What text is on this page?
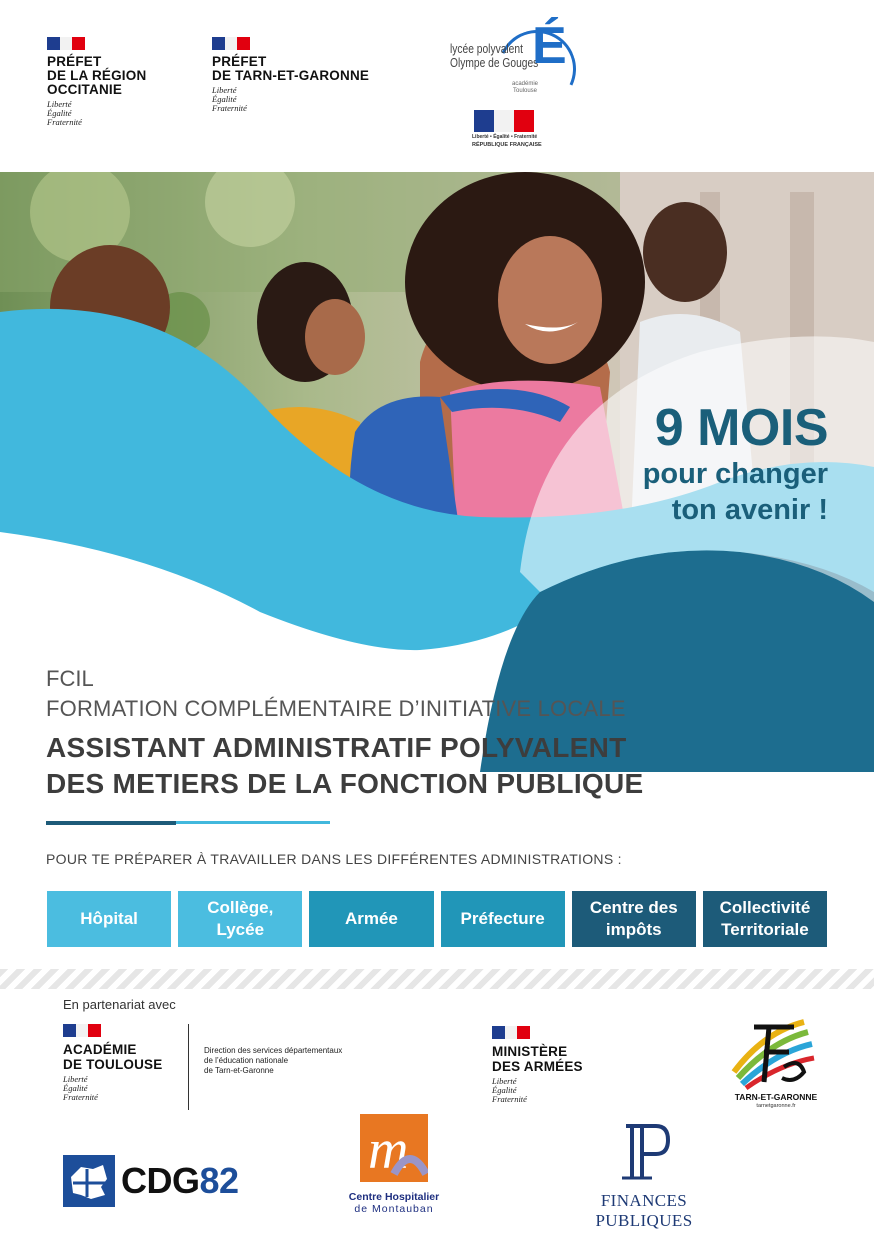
PRÉFET
DE LA RÉGION
OCCITANIE
Liberté
Égalité
Fraternité
PRÉFET
DE TARN-ET-GARONNE
Liberté
Égalité
Fraternité
lycée polyvalent
Olympe de Gouges
É
académie
Toulouse
Liberté • Égalité • Fraternité
RÉPUBLIQUE FRANÇAISE
9 MOIS
pour changer
ton avenir !
FCIL
FORMATION COMPLÉMENTAIRE D’INITIATIVE LOCALE
ASSISTANT ADMINISTRATIF POLYVALENT
DES METIERS DE LA FONCTION PUBLIQUE
POUR TE PRÉPARER À TRAVAILLER DANS LES DIFFÉRENTES ADMINISTRATIONS :
Hôpital
Collège,
Lycée
Armée	Préfecture
Centre des
impôts
Collectivité
Territoriale
En partenariat avec
ACADÉMIE
DE TOULOUSE
Liberté
Égalité
Fraternité
Direction des services départementaux
de l’éducation nationale
de Tarn-et-Garonne
MINISTÈRE
DES ARMÉES
Liberté
Égalité
Fraternité	TARN-ET-GARONNE
tarnetgaronne.fr
CDG82 m
Centre Hospitalier
de Montauban	FINANCES PUBLIQUES
